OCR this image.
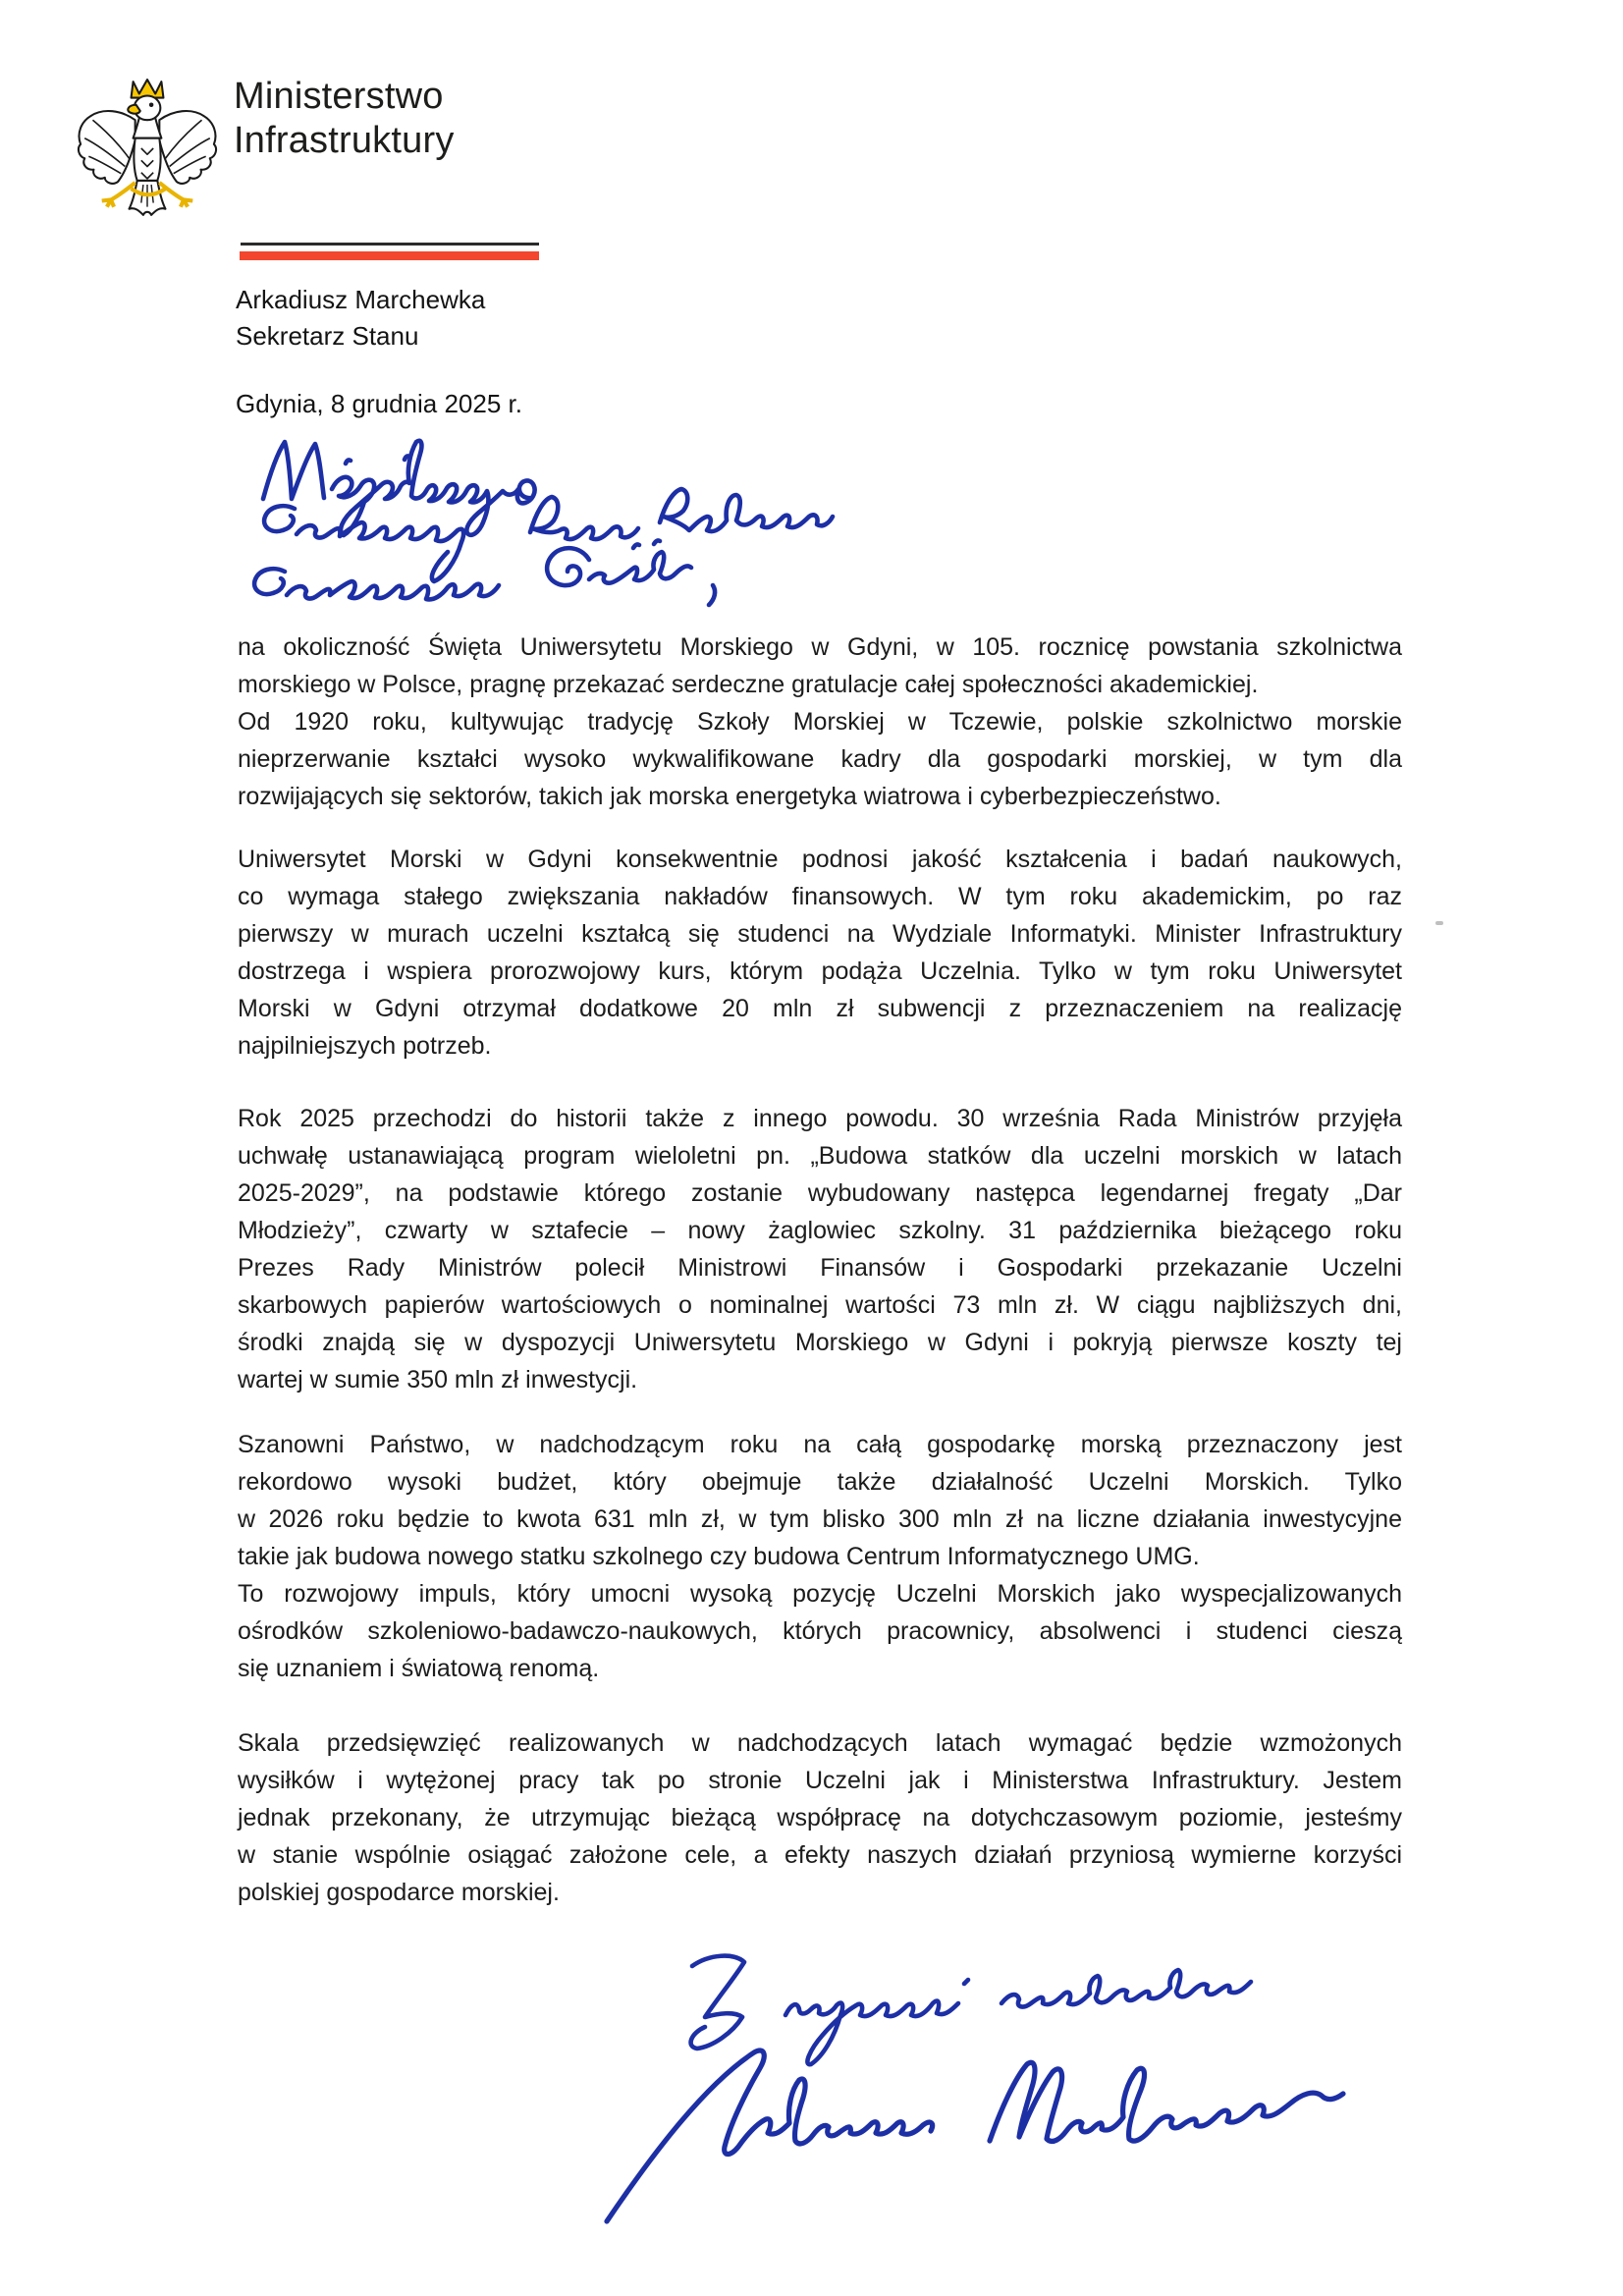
Ministerstwo
Infrastruktury
Arkadiusz Marchewka
Sekretarz Stanu
Gdynia, 8 grudnia 2025 r.
na okoliczność Święta Uniwersytetu Morskiego w Gdyni, w 105. rocznicę powstania szkolnictwa
morskiego w Polsce, pragnę przekazać serdeczne gratulacje całej społeczności akademickiej.
Od 1920 roku, kultywując tradycję Szkoły Morskiej w Tczewie, polskie szkolnictwo morskie
nieprzerwanie kształci wysoko wykwalifikowane kadry dla gospodarki morskiej, w tym dla
rozwijających się sektorów, takich jak morska energetyka wiatrowa i cyberbezpieczeństwo.
Uniwersytet Morski w Gdyni konsekwentnie podnosi jakość kształcenia i badań naukowych,
co wymaga stałego zwiększania nakładów finansowych. W tym roku akademickim, po raz
pierwszy w murach uczelni kształcą się studenci na Wydziale Informatyki. Minister Infrastruktury
dostrzega i wspiera prorozwojowy kurs, którym podąża Uczelnia. Tylko w tym roku Uniwersytet
Morski w Gdyni otrzymał dodatkowe 20 mln zł subwencji z przeznaczeniem na realizację
najpilniejszych potrzeb.
Rok 2025 przechodzi do historii także z innego powodu. 30 września Rada Ministrów przyjęła
uchwałę ustanawiającą program wieloletni pn. „Budowa statków dla uczelni morskich w latach
2025-2029”, na podstawie którego zostanie wybudowany następca legendarnej fregaty „Dar
Młodzieży”, czwarty w sztafecie – nowy żaglowiec szkolny. 31 października bieżącego roku
Prezes Rady Ministrów polecił Ministrowi Finansów i Gospodarki przekazanie Uczelni
skarbowych papierów wartościowych o nominalnej wartości 73 mln zł. W ciągu najbliższych dni,
środki znajdą się w dyspozycji Uniwersytetu Morskiego w Gdyni i pokryją pierwsze koszty tej
wartej w sumie 350 mln zł inwestycji.
Szanowni Państwo, w nadchodzącym roku na całą gospodarkę morską przeznaczony jest
rekordowo wysoki budżet, który obejmuje także działalność Uczelni Morskich. Tylko
w 2026 roku będzie to kwota 631 mln zł, w tym blisko 300 mln zł na liczne działania inwestycyjne
takie jak budowa nowego statku szkolnego czy budowa Centrum Informatycznego UMG.
To rozwojowy impuls, który umocni wysoką pozycję Uczelni Morskich jako wyspecjalizowanych
ośrodków szkoleniowo-badawczo-naukowych, których pracownicy, absolwenci i studenci cieszą
się uznaniem i światową renomą.
Skala przedsięwzięć realizowanych w nadchodzących latach wymagać będzie wzmożonych
wysiłków i wytężonej pracy tak po stronie Uczelni jak i Ministerstwa Infrastruktury. Jestem
jednak przekonany, że utrzymując bieżącą współpracę na dotychczasowym poziomie, jesteśmy
w stanie wspólnie osiągać założone cele, a efekty naszych działań przyniosą wymierne korzyści
polskiej gospodarce morskiej.
